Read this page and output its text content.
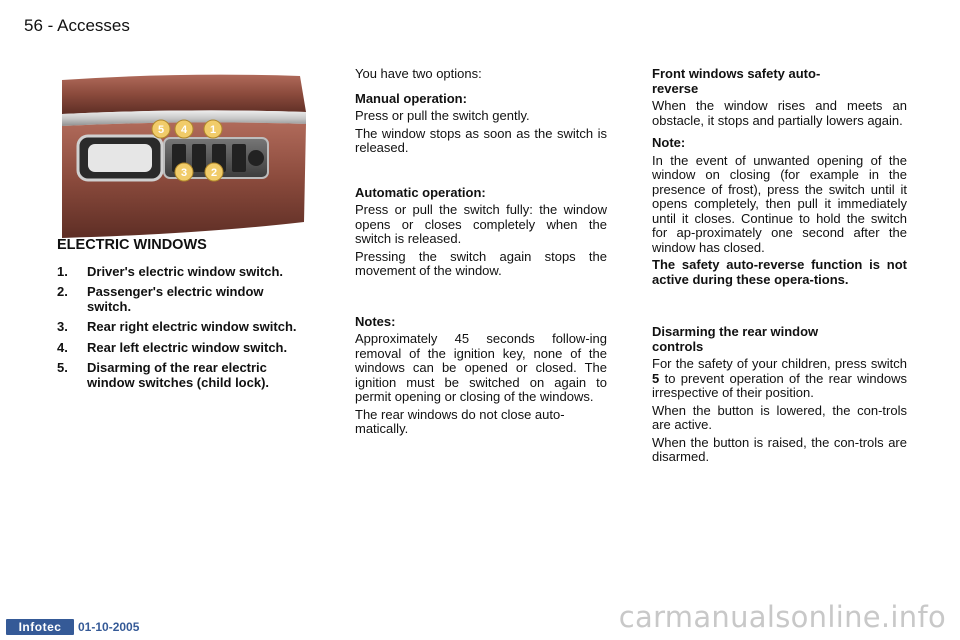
56 - Accesses
5 4 1
3 2
ELECTRIC WINDOWS
1.	Driver's electric window switch.
2.	Passenger's electric window switch.
3.	Rear right electric window switch.
4.	Rear left electric window switch.
5.	Disarming of the rear electric window switches (child lock).

You have two options:

Manual operation:

Press or pull the switch gently.

The window stops as soon as the switch is released.

Automatic operation:

Press or pull the switch fully: the window opens or closes completely when the switch is released.

Pressing the switch again stops the movement of the window.

Notes:

Approximately 45 seconds follow-ing removal of the ignition key, none of the windows can be opened or closed. The ignition must be switched on again to permit opening or closing of the windows.

The rear windows do not close auto-matically.

Front windows safety auto-reverse

When the window rises and meets an obstacle, it stops and partially lowers again.

Note:

In the event of unwanted opening of the window on closing (for example in the presence of frost), press the switch until it opens completely, then pull it immediately until it closes. Continue to hold the switch for ap-proximately one second after the window has closed.

The safety auto-reverse function is not active during these opera-tions.

Disarming the rear window controls

For the safety of your children, press switch 5 to prevent operation of the rear windows irrespective of their position.

When the button is lowered, the con-trols are active.

When the button is raised, the con-trols are disarmed.

Infotec	01-10-2005	carmanualsonline.info
